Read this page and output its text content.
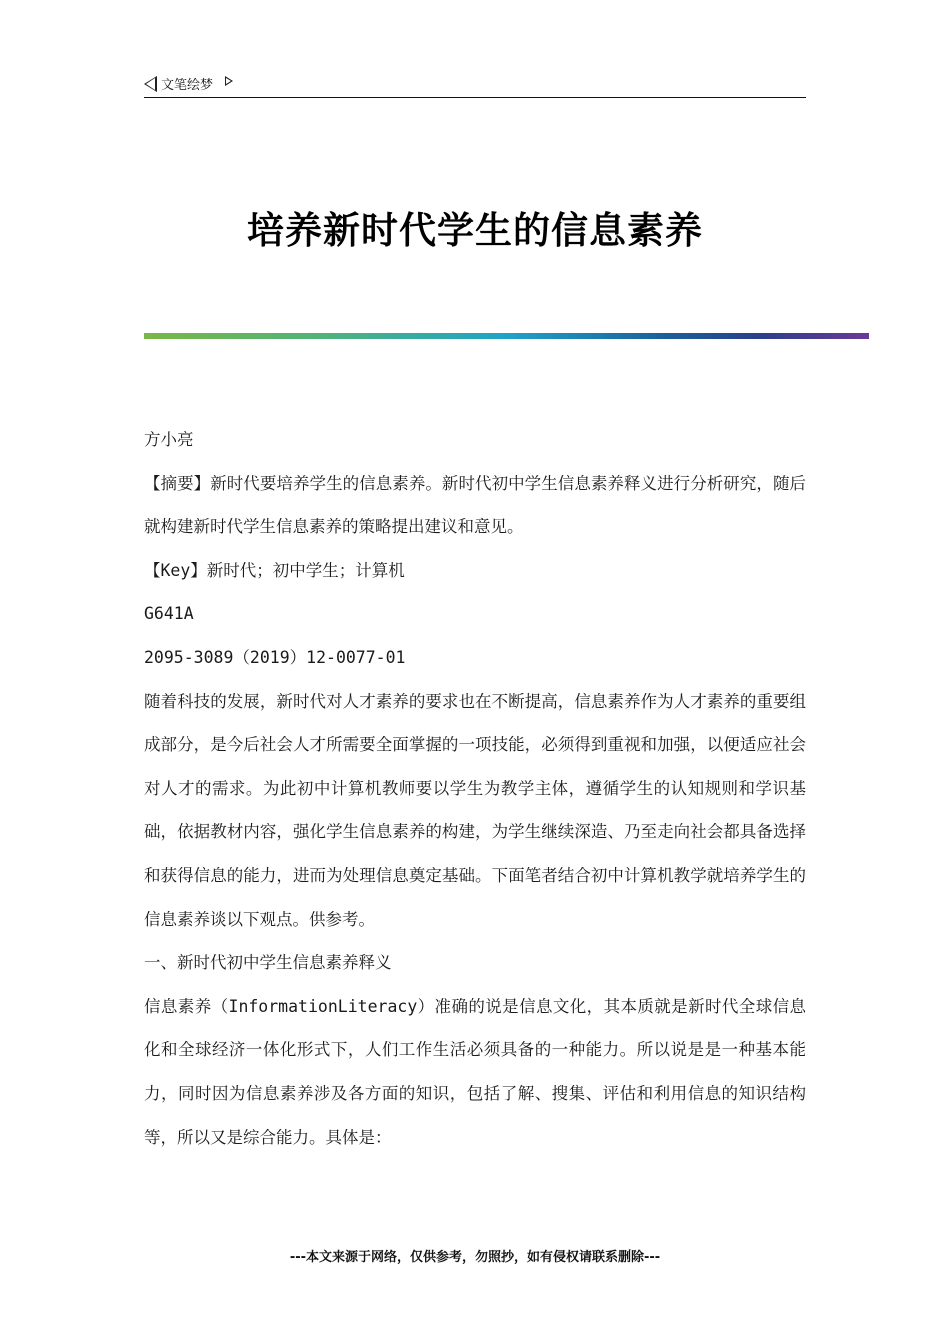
文笔绘梦
培养新时代学生的信息素养

方小亮

【摘要】新时代要培养学生的信息素养。新时代初中学生信息素养释义进行分析研究，随后就构建新时代学生信息素养的策略提出建议和意见。

【Key】新时代；初中学生；计算机

G641A

2095-3089（2019）12-0077-01

随着科技的发展，新时代对人才素养的要求也在不断提高，信息素养作为人才素养的重要组成部分，是今后社会人才所需要全面掌握的一项技能，必须得到重视和加强，以便适应社会对人才的需求。为此初中计算机教师要以学生为教学主体，遵循学生的认知规则和学识基础，依据教材内容，强化学生信息素养的构建，为学生继续深造、乃至走向社会都具备选择和获得信息的能力，进而为处理信息奠定基础。下面笔者结合初中计算机教学就培养学生的信息素养谈以下观点。供参考。

一、新时代初中学生信息素养释义

信息素养（InformationLiteracy）准确的说是信息文化，其本质就是新时代全球信息化和全球经济一体化形式下，人们工作生活必须具备的一种能力。所以说是是一种基本能力，同时因为信息素养涉及各方面的知识，包括了解、搜集、评估和利用信息的知识结构等，所以又是综合能力。具体是：

---本文来源于网络，仅供参考，勿照抄，如有侵权请联系删除---
